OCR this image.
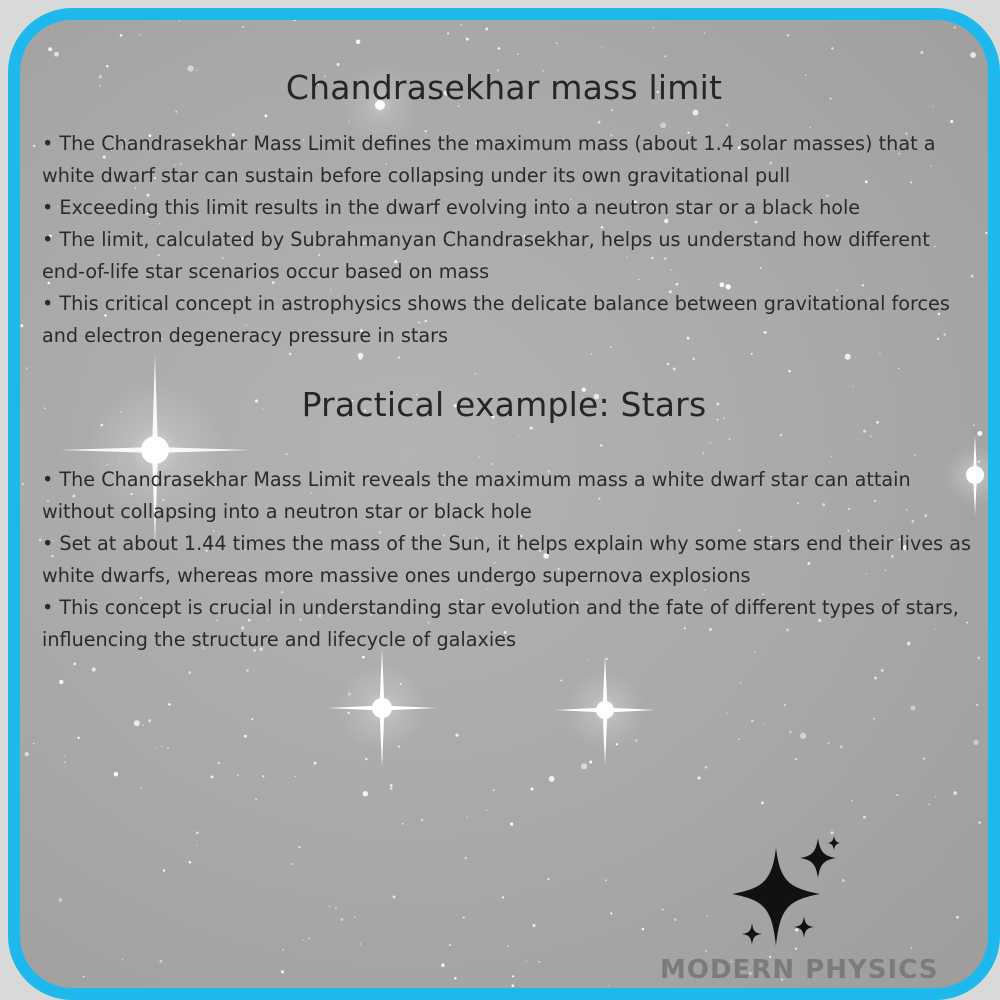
Chandrasekhar mass limit
• The Chandrasekhar Mass Limit defines the maximum mass (about 1.4 solar masses) that a white dwarf star can sustain before collapsing under its own gravitational pull
• Exceeding this limit results in the dwarf evolving into a neutron star or a black hole
• The limit, calculated by Subrahmanyan Chandrasekhar, helps us understand how different end-of-life star scenarios occur based on mass
• This critical concept in astrophysics shows the delicate balance between gravitational forces and electron degeneracy pressure in stars
Practical example: Stars
• The Chandrasekhar Mass Limit reveals the maximum mass a white dwarf star can attain without collapsing into a neutron star or black hole
• Set at about 1.44 times the mass of the Sun, it helps explain why some stars end their lives as white dwarfs, whereas more massive ones undergo supernova explosions
• This concept is crucial in understanding star evolution and the fate of different types of stars, influencing the structure and lifecycle of galaxies
MODERN PHYSICS
